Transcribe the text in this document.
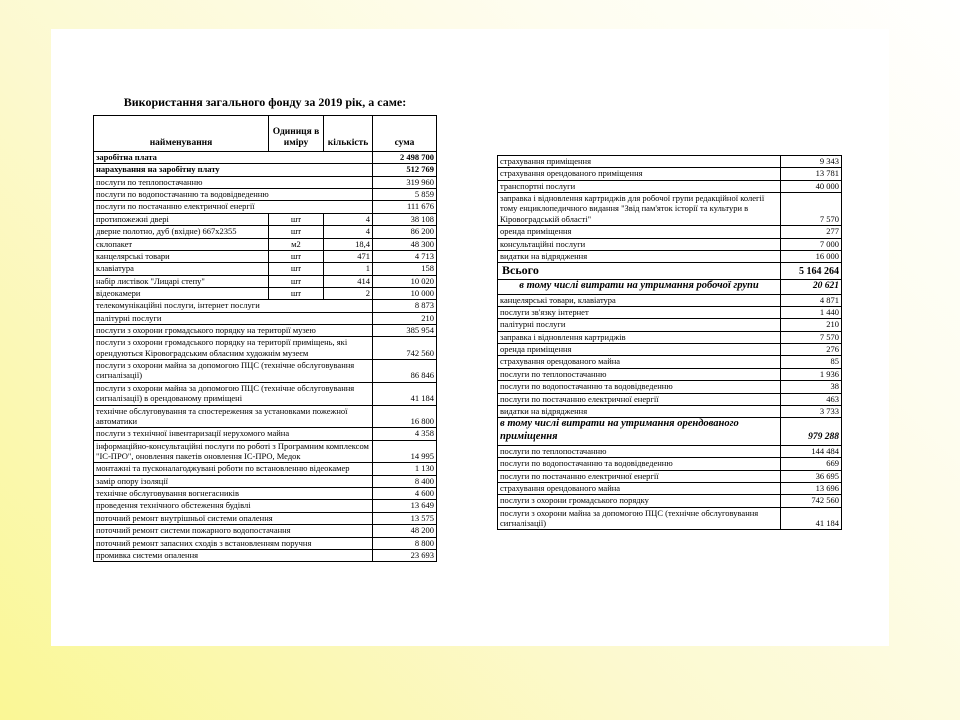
Використання загального фонду за 2019 рік, а саме:
найменування	Одиниця виміру	кількість	сума
заробітна плата			2 498 700
нарахування на заробітну плату			512 769
послуги по теплопостачанню			319 960
послуги по водопостачанню та водовідведенню			5 859
послуги по постачанню електричної енергії			111 676
протипожежні двері	шт	4	38 108
дверне полотно, дуб (вхідне) 667х2355	шт	4	86 200
склопакет	м2	18,4	48 300
канцелярські товари	шт	471	4 713
клавіатура	шт	1	158
набір листівок "Лицарі степу"	шт	414	10 020
відеокамери	шт	2	10 000
телекомунікаційні послуги, інтернет послуги			8 873
палітурні послуги			210
послуги з охорони громадського порядку на території музею			385 954
послуги з охорони громадського порядку на території приміщень, які орендуються Кіровоградським обласним художнім музеєм			742 560
послуги з охорони майна за допомогою ПЦС (технічне обслуговування сигналізації)			86 846
послуги з охорони майна за допомогою ПЦС (технічне обслуговування сигналізації) в орендованому приміщені			41 184
технічне обслуговування та спостереження за установками пожежної автоматики			16 800
послуги з технічної інвентаризації нерухомого майна			4 358
інформаційно-консультаційні послуги по роботі з Програмним комплексом "ІС-ПРО", оновлення пакетів оновлення ІС-ПРО, Медок			14 995
монтажні та пусконалагоджувані роботи по встановленню відеокамер			1 130
замір опору ізоляції			8 400
технічне обслуговування вогнегасників			4 600
проведення технічного обстеження будівлі			13 649
поточний ремонт внутрішньої системи опалення			13 575
поточний ремонт системи пожарного водопостачання			48 200
поточний ремонт запасних сходів з встановленням поручня			8 800
промивка системи опалення			23 693
страхування приміщення	9 343
страхування орендованого приміщення	13 781
транспортні послуги	40 000
заправка і відновлення картриджів для робочої групи редакційної колегії тому енциклопедичного видання "Звід пам'яток історії та культури в Кіровоградській області"	7 570
оренда приміщення	277
консультаційні послуги	7 000
видатки на відрядження	16 000
Всього	5 164 264
в тому числі витрати на утримання робочої групи	20 621
канцелярські товари, клавіатура	4 871
послуги зв'язку інтернет	1 440
палітурні послуги	210
заправка і відновлення картриджів	7 570
оренда приміщення	276
страхування орендованого майна	85
послуги по теплопостачанню	1 936
послуги по водопостачанню та водовідведенню	38
послуги по постачанню електричної енергії	463
видатки на відрядження	3 733
в тому числі витрати на утримання орендованого приміщення	979 288
послуги по теплопостачанню	144 484
послуги по водопостачанню та водовідведенню	669
послуги по постачанню електричної енергії	36 695
страхування орендованого майна	13 696
послуги з охорони громадського порядку	742 560
послуги з охорони майна за допомогою ПЦС (технічне обслуговування сигналізації)	41 184
